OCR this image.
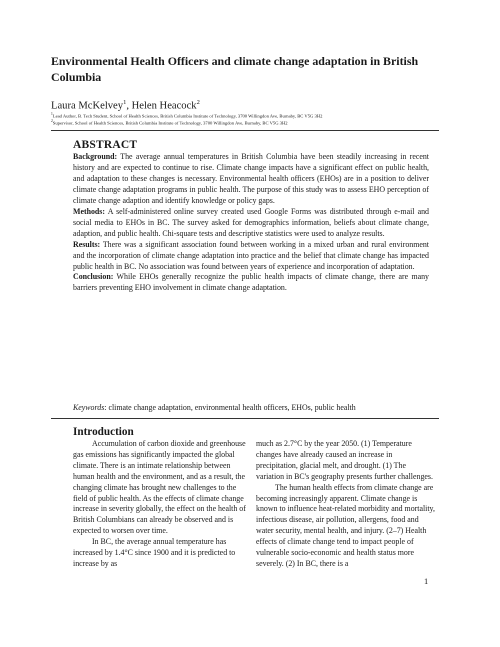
Environmental Health Officers and climate change adaptation in British Columbia
Laura McKelvey$^1$, Helen Heacock$^2$
$^1$Lead Author, B. Tech Student, School of Health Sciences, British Columbia Institute of Technology, 3700 Willingdon Ave, Burnaby, BC V5G 3H2
$^2$Supervisor, School of Health Sciences, British Columbia Institute of Technology, 3700 Willingdon Ave, Burnaby, BC V5G 3H2
ABSTRACT

Background: The average annual temperatures in British Columbia have been steadily increasing in recent history and are expected to continue to rise. Climate change impacts have a significant effect on public health, and adaptation to these changes is necessary. Environmental health officers (EHOs) are in a position to deliver climate change adaptation programs in public health. The purpose of this study was to assess EHO perception of climate change adaption and identify knowledge or policy gaps.

Methods: A self-administered online survey created used Google Forms was distributed through e-mail and social media to EHOs in BC. The survey asked for demographics information, beliefs about climate change, adaption, and public health. Chi-square tests and descriptive statistics were used to analyze results.

Results: There was a significant association found between working in a mixed urban and rural environment and the incorporation of climate change adaptation into practice and the belief that climate change has impacted public health in BC. No association was found between years of experience and incorporation of adaptation.

Conclusion: While EHOs generally recognize the public health impacts of climate change, there are many barriers preventing EHO involvement in climate change adaptation.

Keywords: climate change adaptation, environmental health officers, EHOs, public health
Introduction

Accumulation of carbon dioxide and greenhouse gas emissions has significantly impacted the global climate. There is an intimate relationship between human health and the environment, and as a result, the changing climate has brought new challenges to the field of public health. As the effects of climate change increase in severity globally, the effect on the health of British Columbians can already be observed and is expected to worsen over time.

In BC, the average annual temperature has increased by 1.4°C since 1900 and it is predicted to increase by as

much as 2.7°C by the year 2050. (1) Temperature changes have already caused an increase in precipitation, glacial melt, and drought. (1) The variation in BC's geography presents further challenges.

The human health effects from climate change are becoming increasingly apparent. Climate change is known to influence heat-related morbidity and mortality, infectious disease, air pollution, allergens, food and water security, mental health, and injury. (2–7) Health effects of climate change tend to impact people of vulnerable socio-economic and health status more severely. (2) In BC, there is a

1
